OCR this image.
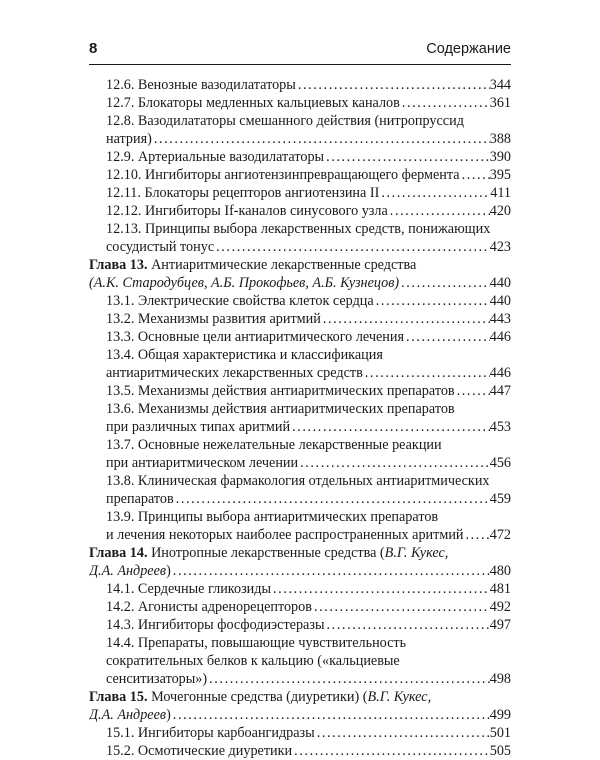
8	Содержание
12.6. Венозные вазодилататоры .....	344
12.7. Блокаторы медленных кальциевых каналов .....	361
12.8. Вазодилататоры смешанного действия (нитропруссид
натрия) .....	388
12.9. Артериальные вазодилататоры .....	390
12.10. Ингибиторы ангиотензинпревращающего фермента ..... 395
12.11. Блокаторы рецепторов ангиотензина II .....	411
12.12. Ингибиторы If-каналов синусового узла .....	420
12.13. Принципы выбора лекарственных средств, понижающих
сосудистый тонус .....	423
Глава 13. Антиаритмические лекарственные средства
(А.К. Стародубцев, А.Б. Прокофьев, А.Б. Кузнецов) .....	440
13.1. Электрические свойства клеток сердца .....	440
13.2. Механизмы развития аритмий .....	443
13.3. Основные цели антиаритмического лечения .....	446
13.4. Общая характеристика и классификация
антиаритмических лекарственных средств .....	446
13.5. Механизмы действия антиаритмических препаратов ..... 447
13.6. Механизмы действия антиаритмических препаратов
при различных типах аритмий .....	453
13.7. Основные нежелательные лекарственные реакции
при антиаритмическом лечении .....	456
13.8. Клиническая фармакология отдельных антиаритмических
препаратов .....	459
13.9. Принципы выбора антиаритмических препаратов
и лечения некоторых наиболее распространенных аритмий ..... 472
Глава 14. Инотропные лекарственные средства (В.Г. Кукес,
Д.А. Андреев) .....	480
14.1. Сердечные гликозиды .....	481
14.2. Агонисты адренорецепторов .....	492
14.3. Ингибиторы фосфодиэстеразы .....	497
14.4. Препараты, повышающие чувствительность
сократительных белков к кальцию («кальциевые
сенситизаторы») .....	498
Глава 15. Мочегонные средства (диуретики) (В.Г. Кукес,
Д.А. Андреев) .....	499
15.1. Ингибиторы карбоангидразы .....	501
15.2. Осмотические диуретики .....	505
